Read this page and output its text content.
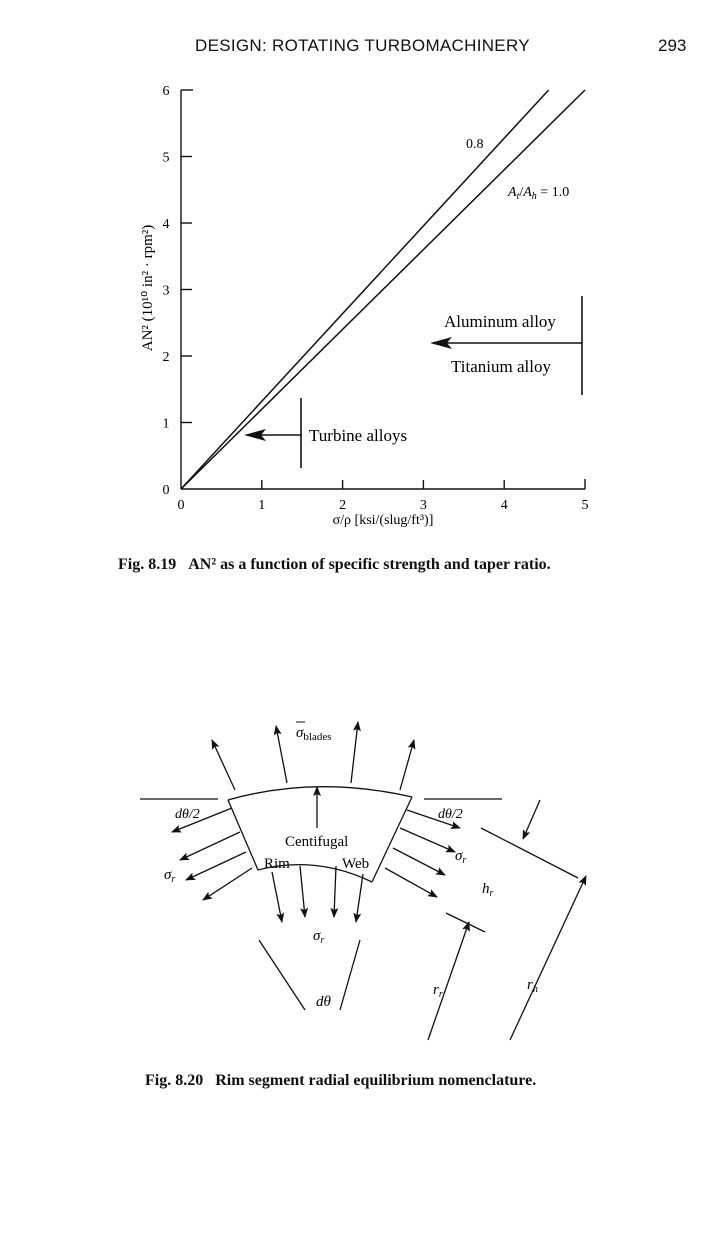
DESIGN: ROTATING TURBOMACHINERY	293
0
1
2
3
4
5
6
0	1	2	3	4	5
AN² (10¹⁰ in² · rpm²)
σ/ρ [ksi/(slug/ft³)]
0.8
$A_t/A_h = 1.0$
Aluminum alloy
Titanium alloy
Turbine alloys
Fig. 8.19 AN² as a function of specific strength and taper ratio.
$\sigma_{blades}$
Centifugal
Rim	Web
dθ/2	dθ/2
$\sigma_r$
$\sigma_r$
$\sigma_r$
$h_r$
$r_r$
$r_h$
dθ
Fig. 8.20 Rim segment radial equilibrium nomenclature.
